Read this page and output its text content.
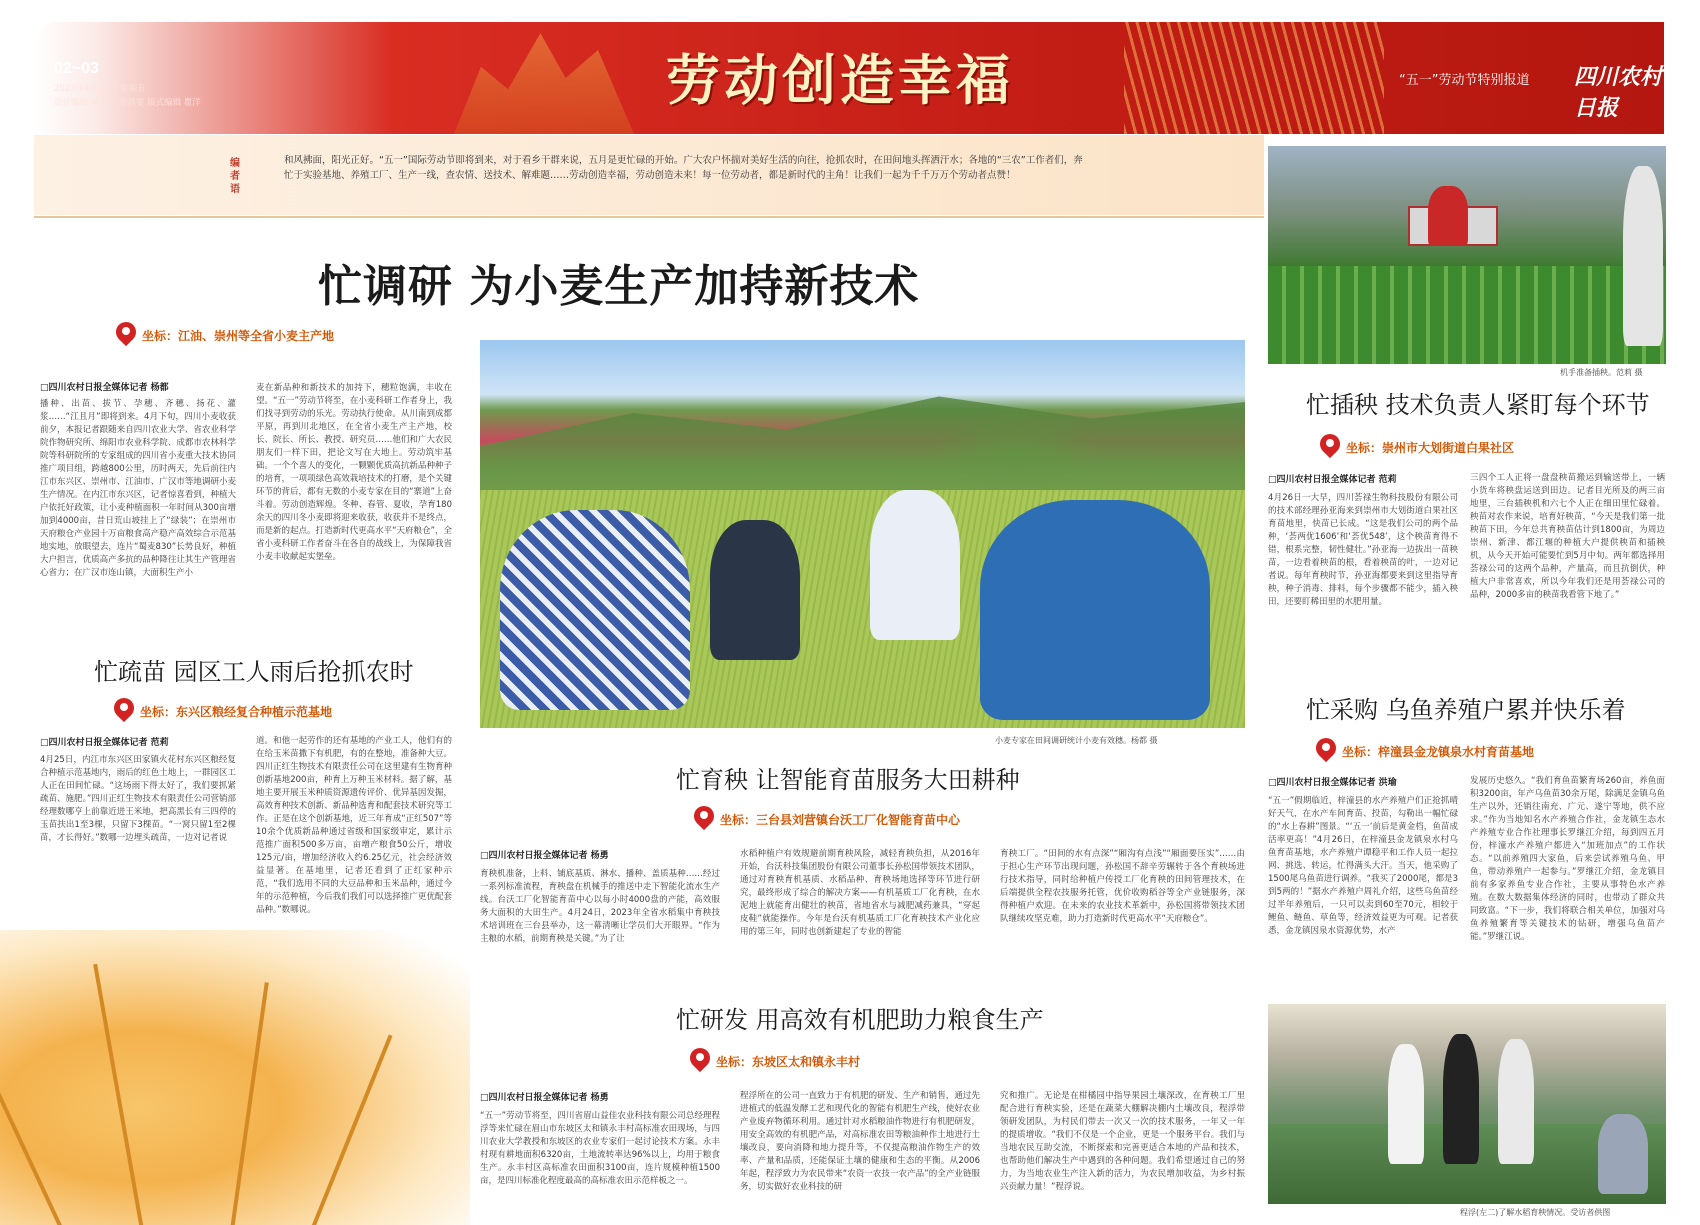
02~03
2023年4月28日 星期五
责任编辑 黄毅一 廖昌雯 版式编辑 瞿洋	劳动创造幸福	“五一”劳动节特别报道 四川农村日报
编者语
和风拂面，阳光正好。“五一”国际劳动节即将到来，对于看乡干群来说，五月是更忙碌的开始。广大农户怀揣对美好生活的向往，抢抓农时，在田间地头挥洒汗水；各地的“三农”工作者们，奔忙于实验基地、养殖工厂、生产一线，查农情、送技术、解难题……劳动创造幸福，劳动创造未来！每一位劳动者，都是新时代的主角！让我们一起为千千万万个劳动者点赞！
忙调研 为小麦生产加持新技术
坐标：江油、崇州等全省小麦主产地
□四川农村日报全媒体记者 杨都
播种、出苗、拔节、孕穗、齐穗、扬花、灌浆……“江且月”即将到来。4月下旬，四川小麦收获前夕，本报记者跟随来自四川农业大学、省农业科学院作物研究所、绵阳市农业科学院、成都市农林科学院等科研院所的专家组成的四川省小麦重大技术协同推广项目组，跨越800公里，历时两天，先后前往内江市东兴区、崇州市、江油市、广汉市等地调研小麦生产情况。在内江市东兴区，记者惊喜看到，种植大户依托好政策，让小麦种植面积一年时间从300亩增加到4000亩，昔日荒山坡挂上了“绿装”；在崇州市天府粮仓产业园十万亩粮食高产稳产高效综合示范基地实地，放眼望去，连片“蜀麦830”长势良好，种植大户担言，优质高产多抗的品种降往让其生产管理省心省力；在广汉市连山镇，大面积生产小
麦在新品种和新技术的加持下，穗粒饱满，丰收在望。“五一”劳动节将至，在小麦科研工作者身上，我们找寻到劳动的乐光。劳动执行使命。从川南到成都平原，再到川北地区，在全省小麦生产主产地，校长、院长、所长、教授、研究员……他们和广大农民朋友们一样下田，把论文写在大地上。劳动筑牢基础。一个个喜人的变化，一颗颗优质高抗新品种种子的培育，一项项绿色高效栽培技术的打磨，是个关键环节的背后，都有无数的小麦专家在目的“寨道”上奋斗着。劳动创造辉煌。冬种、春管、夏收，孕育180余天的四川冬小麦即将迎来收获，收获并不是终点，而是新的起点。打造新时代更高水平“天府粮仓”，全省小麦科研工作者奋斗在各自的战线上，为保障我省小麦丰收献起实堡垒。
小麦专家在田间调研统计小麦有效穗。杨都 摄
机手准备插秧。范莉 摄
忙插秧 技术负责人紧盯每个环节
坐标：崇州市大划街道白果社区
□四川农村日报全媒体记者 范莉
4月26日一大早，四川荟禄生物科技股份有限公司的技术部经理孙亚海来到崇州市大划街道白果社区育苗地里，快苗已长成。“这是我们公司的两个品种，‘荟两优1606’和‘荟优548’，这个秧苗育得不错，根系完整，韧性健壮。”孙亚海一边拔出一苗秧苗，一边看着秧苗的根，看着秧苗的叶，一边对记者说。每年育秧时节，孙亚海都要来到这里指导育秧，种子消毒、排料，每个步骤都不能少，插入秧田，还要盯稀田里的水肥用量。
三四个工人正将一盘盘秧苗搬运到输送带上，一辆小货车将秧盘运送到田边。记者目光所及的两三亩地里，三台插秧机和六七个人正在细田里忙碌着。秧苗对农作来说，培育好秧苗，“今天是我们第一批秧苗下田，今年总共育秧苗估计到1800亩，为周边崇州、新津、都江堰的种植大户提供秧苗和插秧机，从今天开始可能要忙到5月中旬。两年都选择用荟禄公司的这两个品种，产量高，而且抗倒伏，种植大户非常喜欢，所以今年我们还是用荟禄公司的品种，2000多亩的秧苗我看管下地了。”
忙疏苗 园区工人雨后抢抓农时
坐标：东兴区粮经复合种植示范基地
□四川农村日报全媒体记者 范莉
4月25日，内江市东兴区田家镇火花村东兴区粮经复合种植示范基地内，雨后的红色土地上，一群园区工人正在田间忙碌。“这场雨下得太好了，我们要抓紧疏苗、施肥。”四川正红生物技术有限责任公司营销部经理数哪亨上前靠近进王米地，把高黑长有三四停的玉苗扶出1至3棵，只留下3棵苗。“一窝只留1至2棵苗，才长得好。”数哪一边埋头疏苗，一边对记者说
道。和他一起劳作的还有基地的产业工人，他们有的在给玉米苗撒下有机肥，有的在整地，准备种大豆。四川正红生物技术有限责任公司在这里建有生物育种创新基地200亩，种育上万种玉米材料。据了解，基地主要开展玉米种质资源遗传评价、优异基因发掘，高效育种技术创新、新品种选育和配套技术研究等工作。正是在这个创新基地，近三年育成“正红507”等10余个优质新品种通过省级和国家级审定，累计示范推广面积500多万亩，亩增产粮食50公斤，增收125元/亩，增加经济收入约6.25亿元，社会经济效益显著。在基地里，记者还看到了正红家种示范，“我们选用不同的大豆品种和玉米品种，通过今年的示范种植，今后我们我们可以选择推广更优配套品种。”数哪说。
忙育秧 让智能育苗服务大田耕种
坐标：三台县刘营镇台沃工厂化智能育苗中心
□四川农村日报全媒体记者 杨勇
育秧机准备，上料、铺底基质、淋水、播种、盖质基种……经过一系列标准流程，育秧盘在机械手的推送中走下智能化流水生产线。台沃工厂化智能育苗中心以每小时4000盘的产能，高效服务大面积的大田生产。4月24日，2023年全省水稻集中育秧技术培训班在三台县举办，这一幕清晰让学员们大开眼界。“作为主粮的水稻，前期育秧是关键。”为了让
水稻种植户有效规避前期育秧风险，减轻育秧负担，从2016年开始，台沃科技集团股份有限公司董事长孙松国带领技术团队，通过对育秧育机基质、水稻品种、育秧场地选择等环节进行研究，最终形成了综合的解决方案——有机基质工厂化育秧，在水泥地上就能育出健壮的秧苗，省地省水与减肥减药兼具，“穿起皮鞋”就能操作。今年是台沃有机基质工厂化育秧技术产业化应用的第三年，同时也创新建起了专业的智能
育秧工厂。“田间的水有点深”“厢沟有点浅”“厢面要压实”……由于担心生产环节出现问题，孙松国不辞辛劳辗转于各个育秧场进行技术指导，同时给种植户传授工厂化育秧的田间管理技术，在后端提供全程农技服务托管，优价收购稻谷等全产业链服务，深得种植户欢迎。在未来的农业技术革新中，孙松国将带领技术团队继续攻坚克难，助力打造新时代更高水平“天府粮仓”。
忙采购 乌鱼养殖户累并快乐着
坐标：梓潼县金龙镇泉水村育苗基地
□四川农村日报全媒体记者 洪瑜
“五一”假期临近，梓潼县的水产养殖户们正抢抓晴好天气，在水产车间育苗、投苗，勾勒出一幅忙碌的“水上春耕”图景。“‘五一’前后是黄金档，鱼苗成活率更高！”4月26日，在梓潼县金龙镇泉水村乌鱼育苗基地，水产养殖户谭稳平和工作人员一起拉网、挑选、转运，忙得满头大汗。当天，他采购了1500尾乌鱼苗进行调养。“我买了2000尾，都是3到5两的！”据水产养殖户周礼介绍，这些乌鱼苗经过半年养殖后，一只可以卖到60至70元，相较于鲤鱼、鲢鱼、草鱼等，经济效益更为可观。记者获悉，金龙镇因泉水资源优势，水产
发展历史悠久。“我们育鱼苗繁育场260亩，养鱼面积3200亩，年产乌鱼苗30余万尾，除满足金镇乌鱼生产以外，还销往南充、广元、遂宁等地，供不应求。”作为当地知名水产养殖合作社，金龙镇生态水产养殖专业合作社理事长罗继江介绍，每到四五月份，梓潼水产养殖户都进入“加班加点”的工作状态。“以前养殖四大家鱼，后来尝试养殖乌鱼、甲鱼，带动养殖户一起参与。”罗继江介绍，金龙镇目前有多家养鱼专业合作社，主要从事特色水产养殖。在数大数据集体经济的同时，也带动了群众共同致富。“下一步，我们将联合相关单位，加强对乌鱼养殖繁育等关键技术的钻研，增强乌鱼苗产能。”罗继江说。
忙研发 用高效有机肥助力粮食生产
坐标：东坡区太和镇永丰村
□四川农村日报全媒体记者 杨勇
“五一”劳动节将至，四川省眉山益佳农业科技有限公司总经理程浮等来忙碌在眉山市东坡区太和镇永丰村高标准农田现场，与四川农业大学教授和东坡区的农业专家们一起讨论技术方案。永丰村现有耕地面积6320亩，土地流转率达96%以上，均用于粮食生产。永丰村区高标准农田面积3100亩，连片规模种植1500亩，是四川标准化程度最高的高标准农田示范样板之一。
程浮所在的公司一直致力于有机肥的研发、生产和销售，通过先进植式的低温发酵工艺和现代化的智能有机肥生产线，使好农业产业废弃物循环利用。通过针对水稻粮油作物进行有机肥研发，用安全高效的有机肥产品，对高标准农田等粮油种作土地进行土壤改良，要向消降和地力提升等，不仅提高粮油作物生产的效率、产量和品质，还能保证土壤的健康和生态的平衡。从2006年起，程浮致力为农民带来“农资一农技一农产品”的全产业链服务，切实做好农业科技的研
究和推广。无论是在柑橘园中指导果园土壤深改，在育秧工厂里配合进行育秧实验，还是在蔬菜大棚解决棚内土壤改良，程浮带领研发团队，为村民们带去一次又一次的技术服务，一年又一年的提质增收。“我们不仅是一个企业，更是一个服务平台。我们与当地农民互助交流，不断探索和完善更适合本地的产品和技术，也帮助他们解决生产中遇到的各种问题。我们希望通过自己的努力，为当地农业生产注入新的活力，为农民增加收益，为乡村振兴贡献力量！”程浮说。
程浮(左二)了解水稻育秧情况。受访者供图
